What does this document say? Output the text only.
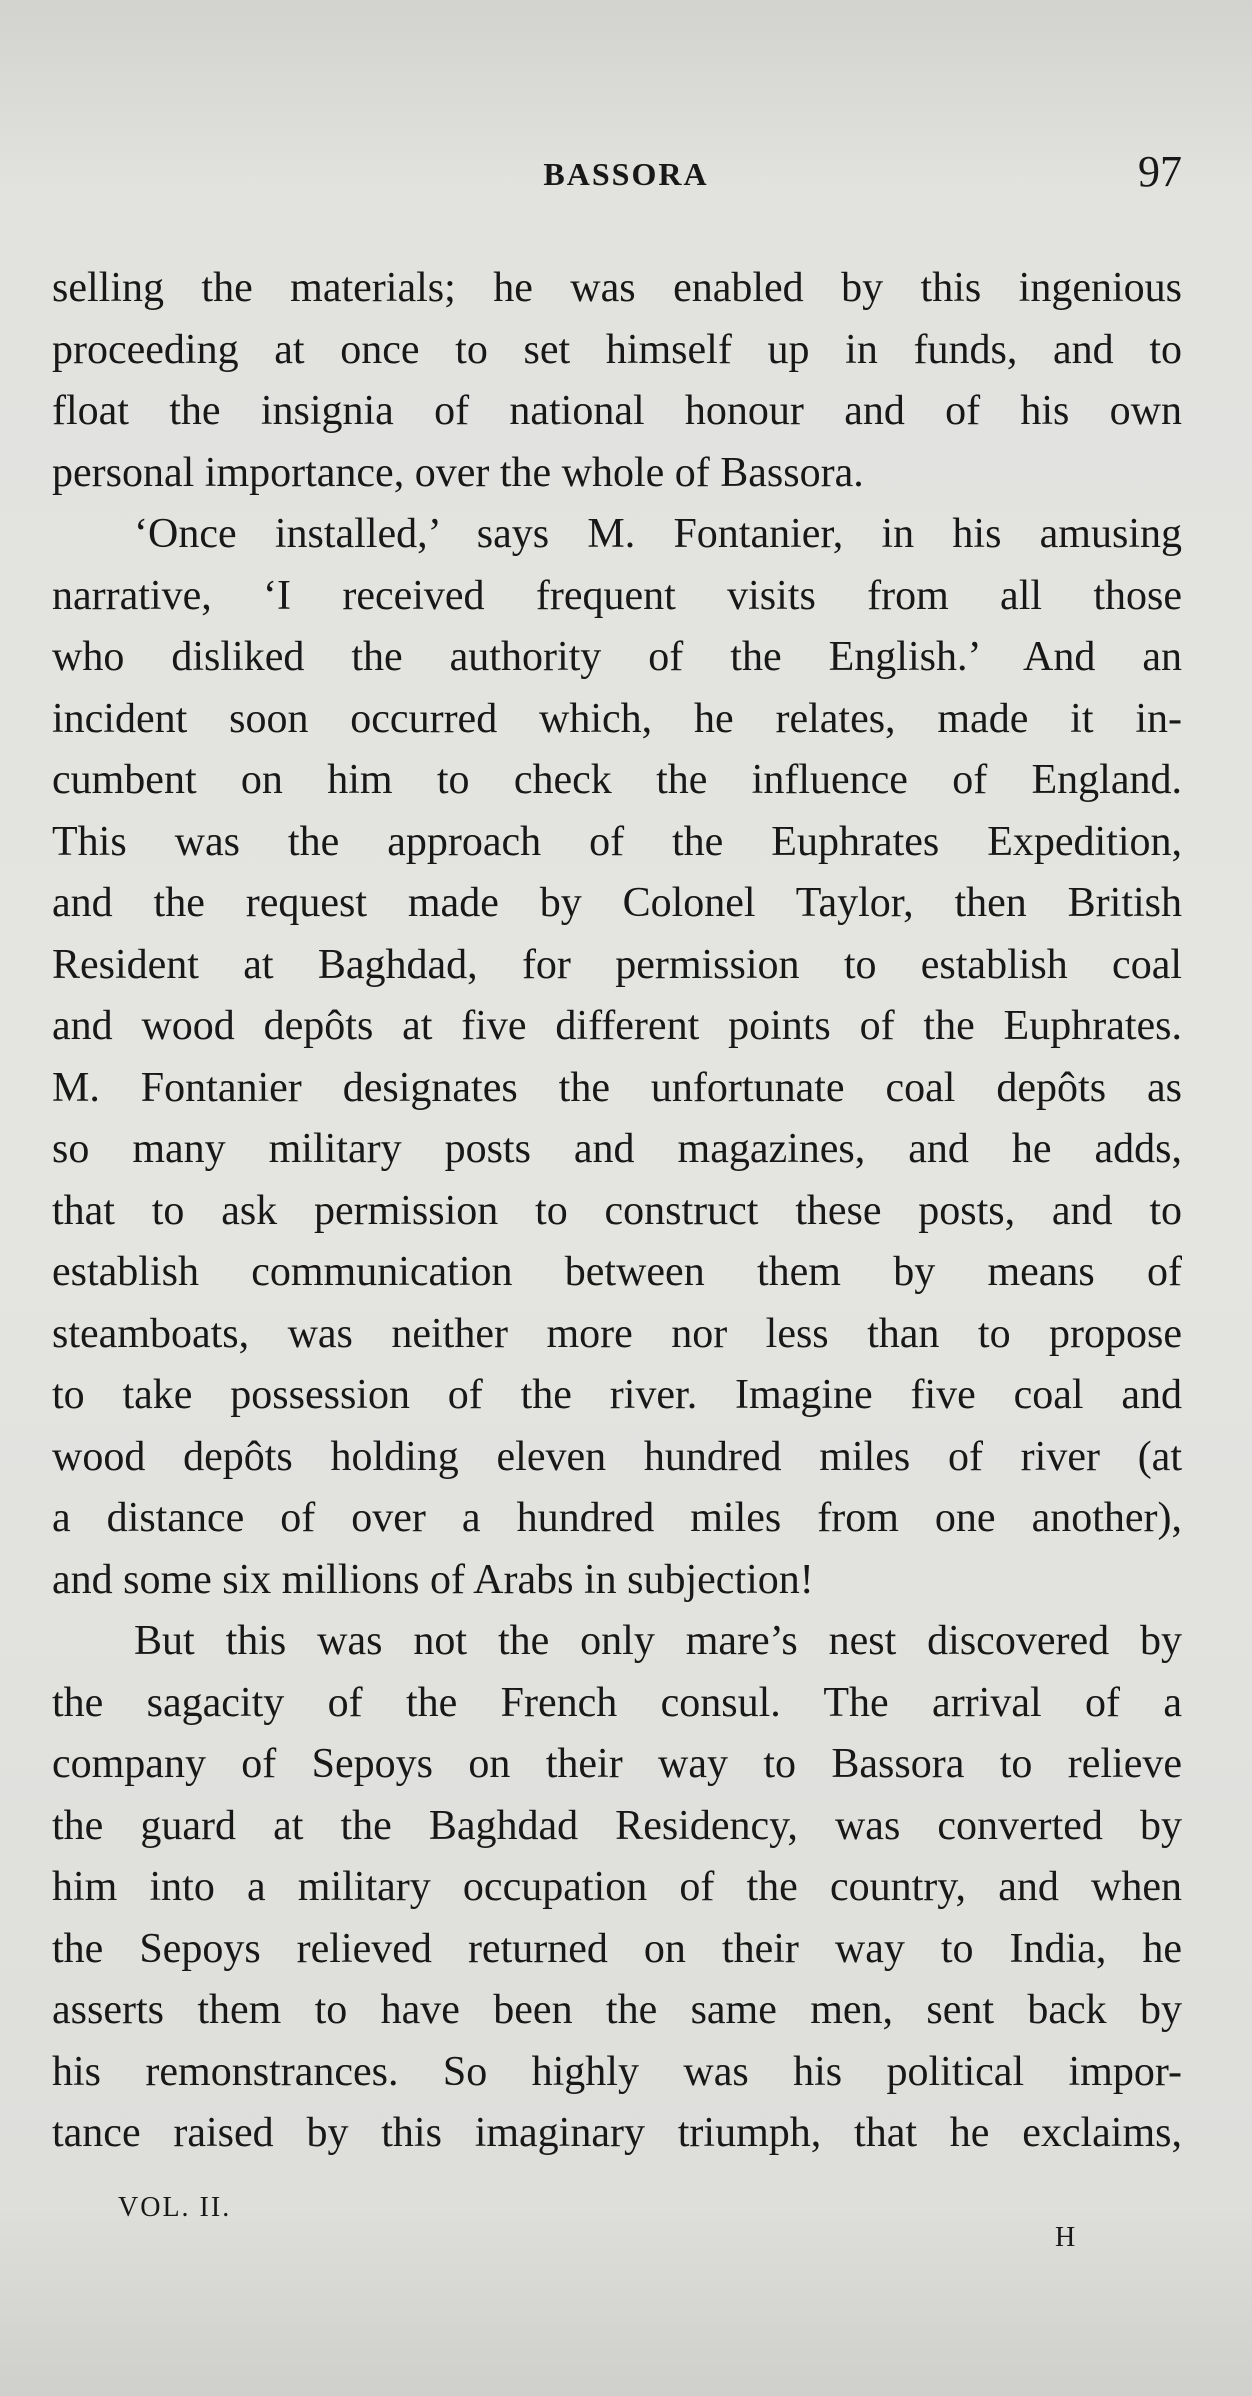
BASSORA	97
selling the materials; he was enabled by this ingenious
proceeding at once to set himself up in funds, and to
float the insignia of national honour and of his own
personal importance, over the whole of Bassora.
‘Once installed,’ says M. Fontanier, in his amusing
narrative, ‘I received frequent visits from all those
who disliked the authority of the English.’ And an
incident soon occurred which, he relates, made it in-
cumbent on him to check the influence of England.
This was the approach of the Euphrates Expedition,
and the request made by Colonel Taylor, then British
Resident at Baghdad, for permission to establish coal
and wood depôts at five different points of the Euphrates.
M. Fontanier designates the unfortunate coal depôts as
so many military posts and magazines, and he adds,
that to ask permission to construct these posts, and to
establish communication between them by means of
steamboats, was neither more nor less than to propose
to take possession of the river. Imagine five coal and
wood depôts holding eleven hundred miles of river (at
a distance of over a hundred miles from one another),
and some six millions of Arabs in subjection!
But this was not the only mare’s nest discovered by
the sagacity of the French consul. The arrival of a
company of Sepoys on their way to Bassora to relieve
the guard at the Baghdad Residency, was converted by
him into a military occupation of the country, and when
the Sepoys relieved returned on their way to India, he
asserts them to have been the same men, sent back by
his remonstrances. So highly was his political impor-
tance raised by this imaginary triumph, that he exclaims,
VOL. II.
H
